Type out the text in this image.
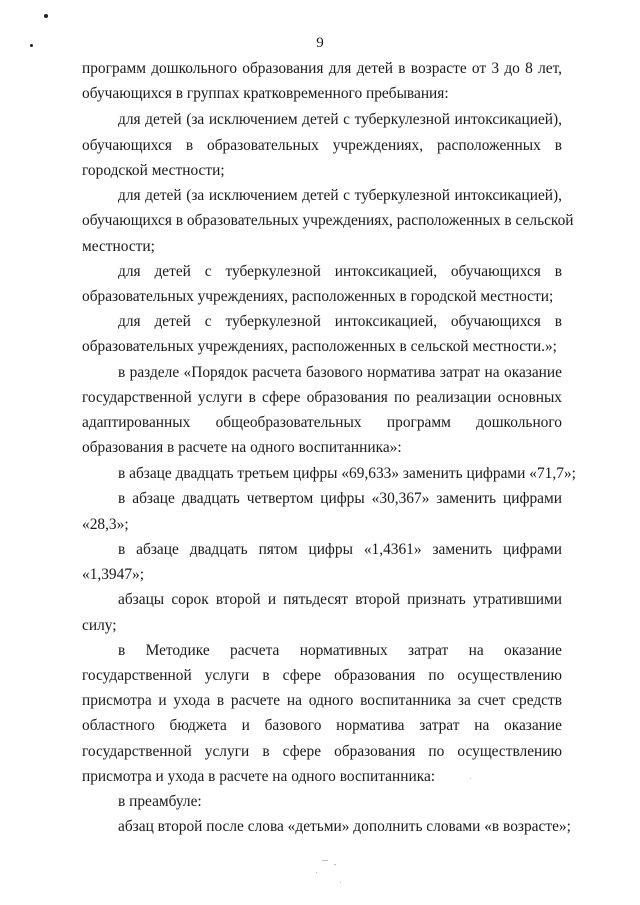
9
программ дошкольного образования для детей в возрасте от 3 до 8 лет,
обучающихся в группах кратковременного пребывания:
для детей (за исключением детей с туберкулезной интоксикацией),
обучающихся в образовательных учреждениях, расположенных в
городской местности;
для детей (за исключением детей с туберкулезной интоксикацией),
обучающихся в образовательных учреждениях, расположенных в сельской
местности;
для детей с туберкулезной интоксикацией, обучающихся в
образовательных учреждениях, расположенных в городской местности;
для детей с туберкулезной интоксикацией, обучающихся в
образовательных учреждениях, расположенных в сельской местности.»;
в разделе «Порядок расчета базового норматива затрат на оказание
государственной услуги в сфере образования по реализации основных
адаптированных общеобразовательных программ дошкольного
образования в расчете на одного воспитанника»:
в абзаце двадцать третьем цифры «69,633» заменить цифрами «71,7»;
в абзаце двадцать четвертом цифры «30,367» заменить цифрами
«28,3»;
в абзаце двадцать пятом цифры «1,4361» заменить цифрами
«1,3947»;
абзацы сорок второй и пятьдесят второй признать утратившими
силу;
в Методике расчета нормативных затрат на оказание
государственной услуги в сфере образования по осуществлению
присмотра и ухода в расчете на одного воспитанника за счет средств
областного бюджета и базового норматива затрат на оказание
государственной услуги в сфере образования по осуществлению
присмотра и ухода в расчете на одного воспитанника:
в преамбуле:
абзац второй после слова «детьми» дополнить словами «в возрасте»;
